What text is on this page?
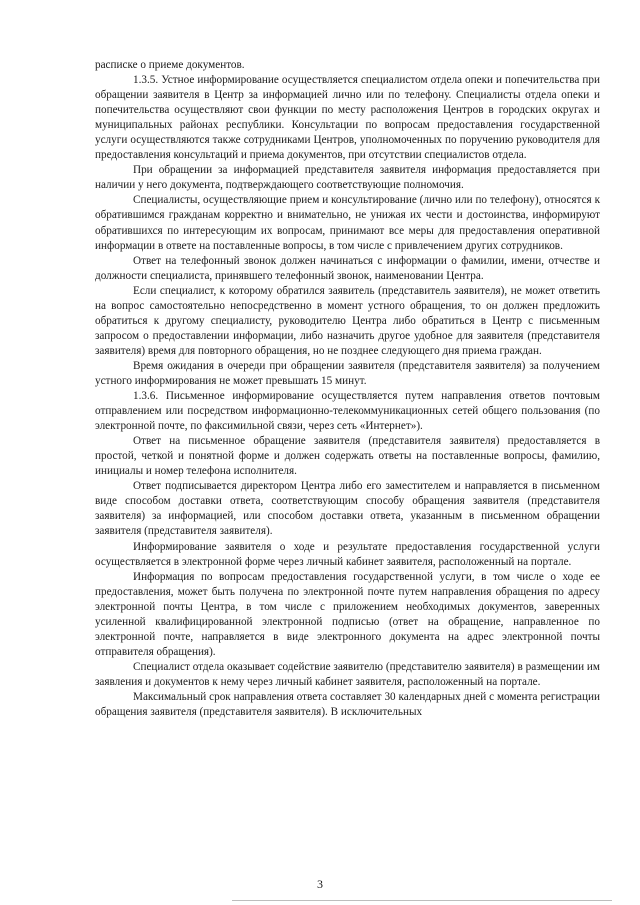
расписке о приеме документов.

1.3.5. Устное информирование осуществляется специалистом отдела опеки и попечительства при обращении заявителя в Центр за информацией лично или по телефону. Специалисты отдела опеки и попечительства осуществляют свои функции по месту расположения Центров в городских округах и муниципальных районах республики. Консультации по вопросам предоставления государственной услуги осуществляются также сотрудниками Центров, уполномоченных по поручению руководителя для предоставления консультаций и приема документов, при отсутствии специалистов отдела.

При обращении за информацией представителя заявителя информация предоставляется при наличии у него документа, подтверждающего соответствующие полномочия.

Специалисты, осуществляющие прием и консультирование (лично или по телефону), относятся к обратившимся гражданам корректно и внимательно, не унижая их чести и достоинства, информируют обратившихся по интересующим их вопросам, принимают все меры для предоставления оперативной информации в ответе на поставленные вопросы, в том числе с привлечением других сотрудников.

Ответ на телефонный звонок должен начинаться с информации о фамилии, имени, отчестве и должности специалиста, принявшего телефонный звонок, наименовании Центра.

Если специалист, к которому обратился заявитель (представитель заявителя), не может ответить на вопрос самостоятельно непосредственно в момент устного обращения, то он должен предложить обратиться к другому специалисту, руководителю Центра либо обратиться в Центр с письменным запросом о предоставлении информации, либо назначить другое удобное для заявителя (представителя заявителя) время для повторного обращения, но не позднее следующего дня приема граждан.

Время ожидания в очереди при обращении заявителя (представителя заявителя) за получением устного информирования не может превышать 15 минут.

1.3.6. Письменное информирование осуществляется путем направления ответов почтовым отправлением или посредством информационно-телекоммуникационных сетей общего пользования (по электронной почте, по факсимильной связи, через сеть «Интернет»).

Ответ на письменное обращение заявителя (представителя заявителя) предоставляется в простой, четкой и понятной форме и должен содержать ответы на поставленные вопросы, фамилию, инициалы и номер телефона исполнителя.

Ответ подписывается директором Центра либо его заместителем и направляется в письменном виде способом доставки ответа, соответствующим способу обращения заявителя (представителя заявителя) за информацией, или способом доставки ответа, указанным в письменном обращении заявителя (представителя заявителя).

Информирование заявителя о ходе и результате предоставления государственной услуги осуществляется в электронной форме через личный кабинет заявителя, расположенный на портале.

Информация по вопросам предоставления государственной услуги, в том числе о ходе ее предоставления, может быть получена по электронной почте путем направления обращения по адресу электронной почты Центра, в том числе с приложением необходимых документов, заверенных усиленной квалифицированной электронной подписью (ответ на обращение, направленное по электронной почте, направляется в виде электронного документа на адрес электронной почты отправителя обращения).

Специалист отдела оказывает содействие заявителю (представителю заявителя) в размещении им заявления и документов к нему через личный кабинет заявителя, расположенный на портале.

Максимальный срок направления ответа составляет 30 календарных дней с момента регистрации обращения заявителя (представителя заявителя). В исключительных

3
